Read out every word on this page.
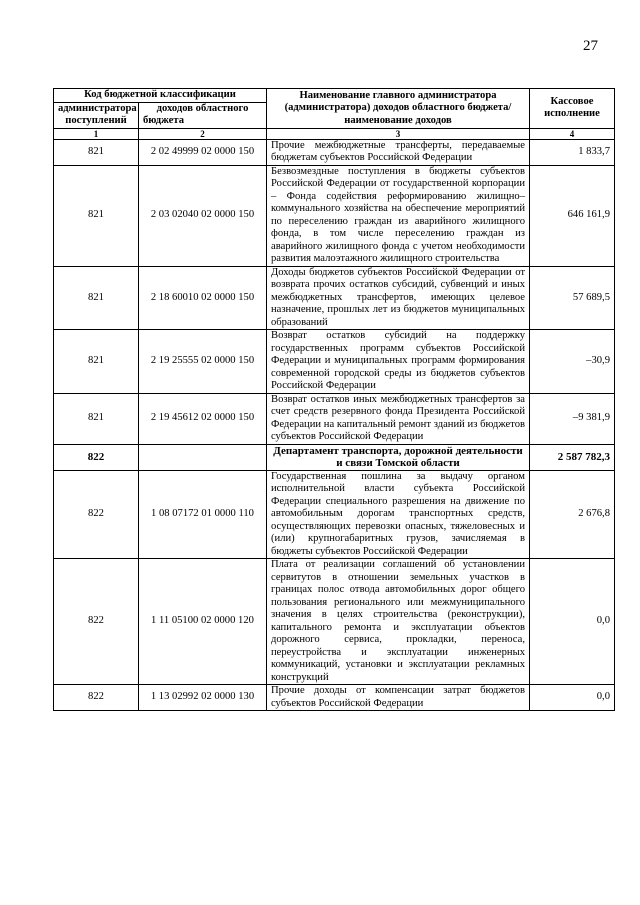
27
Код бюджетной классификации		Наименование главного администратора (администратора) доходов областного бюджета/ наименование доходов	Кассовое исполнение
администратора поступлений	доходов областного бюджета		
1	2	3	4
821	2 02 49999 02 0000 150	Прочие межбюджетные трансферты, передаваемые бюджетам субъектов Российской Федерации	1 833,7
821	2 03 02040 02 0000 150	Безвозмездные поступления в бюджеты субъектов Российской Федерации от государственной корпорации – Фонда содействия реформированию жилищно–коммунального хозяйства на обеспечение мероприятий по переселению граждан из аварийного жилищного фонда, в том числе переселению граждан из аварийного жилищного фонда с учетом необходимости развития малоэтажного жилищного строительства	646 161,9
821	2 18 60010 02 0000 150	Доходы бюджетов субъектов Российской Федерации от возврата прочих остатков субсидий, субвенций и иных межбюджетных трансфертов, имеющих целевое назначение, прошлых лет из бюджетов муниципальных образований	57 689,5
821	2 19 25555 02 0000 150	Возврат остатков субсидий на поддержку государственных программ субъектов Российской Федерации и муниципальных программ формирования современной городской среды из бюджетов субъектов Российской Федерации	–30,9
821	2 19 45612 02 0000 150	Возврат остатков иных межбюджетных трансфертов за счет средств резервного фонда Президента Российской Федерации на капитальный ремонт зданий из бюджетов субъектов Российской Федерации	–9 381,9
822		Департамент транспорта, дорожной деятельности и связи Томской области	2 587 782,3
822	1 08 07172 01 0000 110	Государственная пошлина за выдачу органом исполнительной власти субъекта Российской Федерации специального разрешения на движение по автомобильным дорогам транспортных средств, осуществляющих перевозки опасных, тяжеловесных и (или) крупногабаритных грузов, зачисляемая в бюджеты субъектов Российской Федерации	2 676,8
822	1 11 05100 02 0000 120	Плата от реализации соглашений об установлении сервитутов в отношении земельных участков в границах полос отвода автомобильных дорог общего пользования регионального или межмуниципального значения в целях строительства (реконструкции), капитального ремонта и эксплуатации объектов дорожного сервиса, прокладки, переноса, переустройства и эксплуатации инженерных коммуникаций, установки и эксплуатации рекламных конструкций	0,0
822	1 13 02992 02 0000 130	Прочие доходы от компенсации затрат бюджетов субъектов Российской Федерации	0,0
